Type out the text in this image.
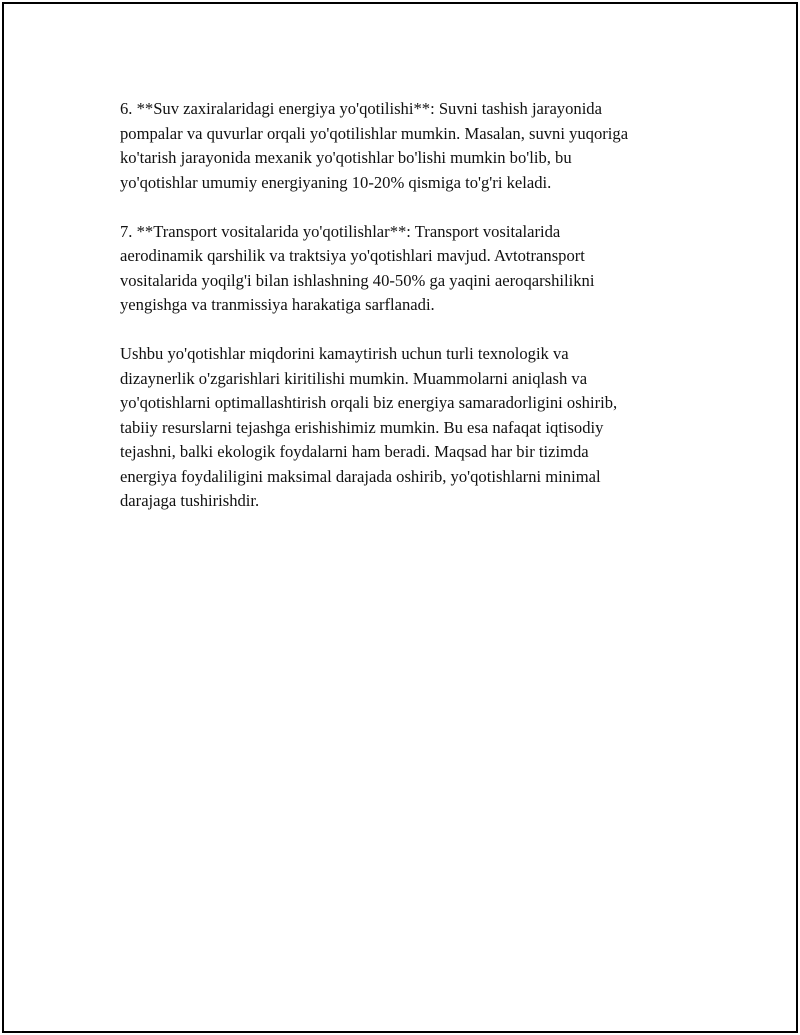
6. **Suv zaxiralaridagi energiya yo'qotilishi**: Suvni tashish jarayonida
pompalar va quvurlar orqali yo'qotilishlar mumkin. Masalan, suvni yuqoriga
ko'tarish jarayonida mexanik yo'qotishlar bo'lishi mumkin bo'lib, bu
yo'qotishlar umumiy energiyaning 10-20% qismiga to'g'ri keladi.

7. **Transport vositalarida yo'qotilishlar**: Transport vositalarida
aerodinamik qarshilik va traktsiya yo'qotishlari mavjud. Avtotransport
vositalarida yoqilg'i bilan ishlashning 40-50% ga yaqini aeroqarshilikni
yengishga va tranmissiya harakatiga sarflanadi.

Ushbu yo'qotishlar miqdorini kamaytirish uchun turli texnologik va
dizaynerlik o'zgarishlari kiritilishi mumkin. Muammolarni aniqlash va
yo'qotishlarni optimallashtirish orqali biz energiya samaradorligini oshirib,
tabiiy resurslarni tejashga erishishimiz mumkin. Bu esa nafaqat iqtisodiy
tejashni, balki ekologik foydalarni ham beradi. Maqsad har bir tizimda
energiya foydaliligini maksimal darajada oshirib, yo'qotishlarni minimal
darajaga tushirishdir.
